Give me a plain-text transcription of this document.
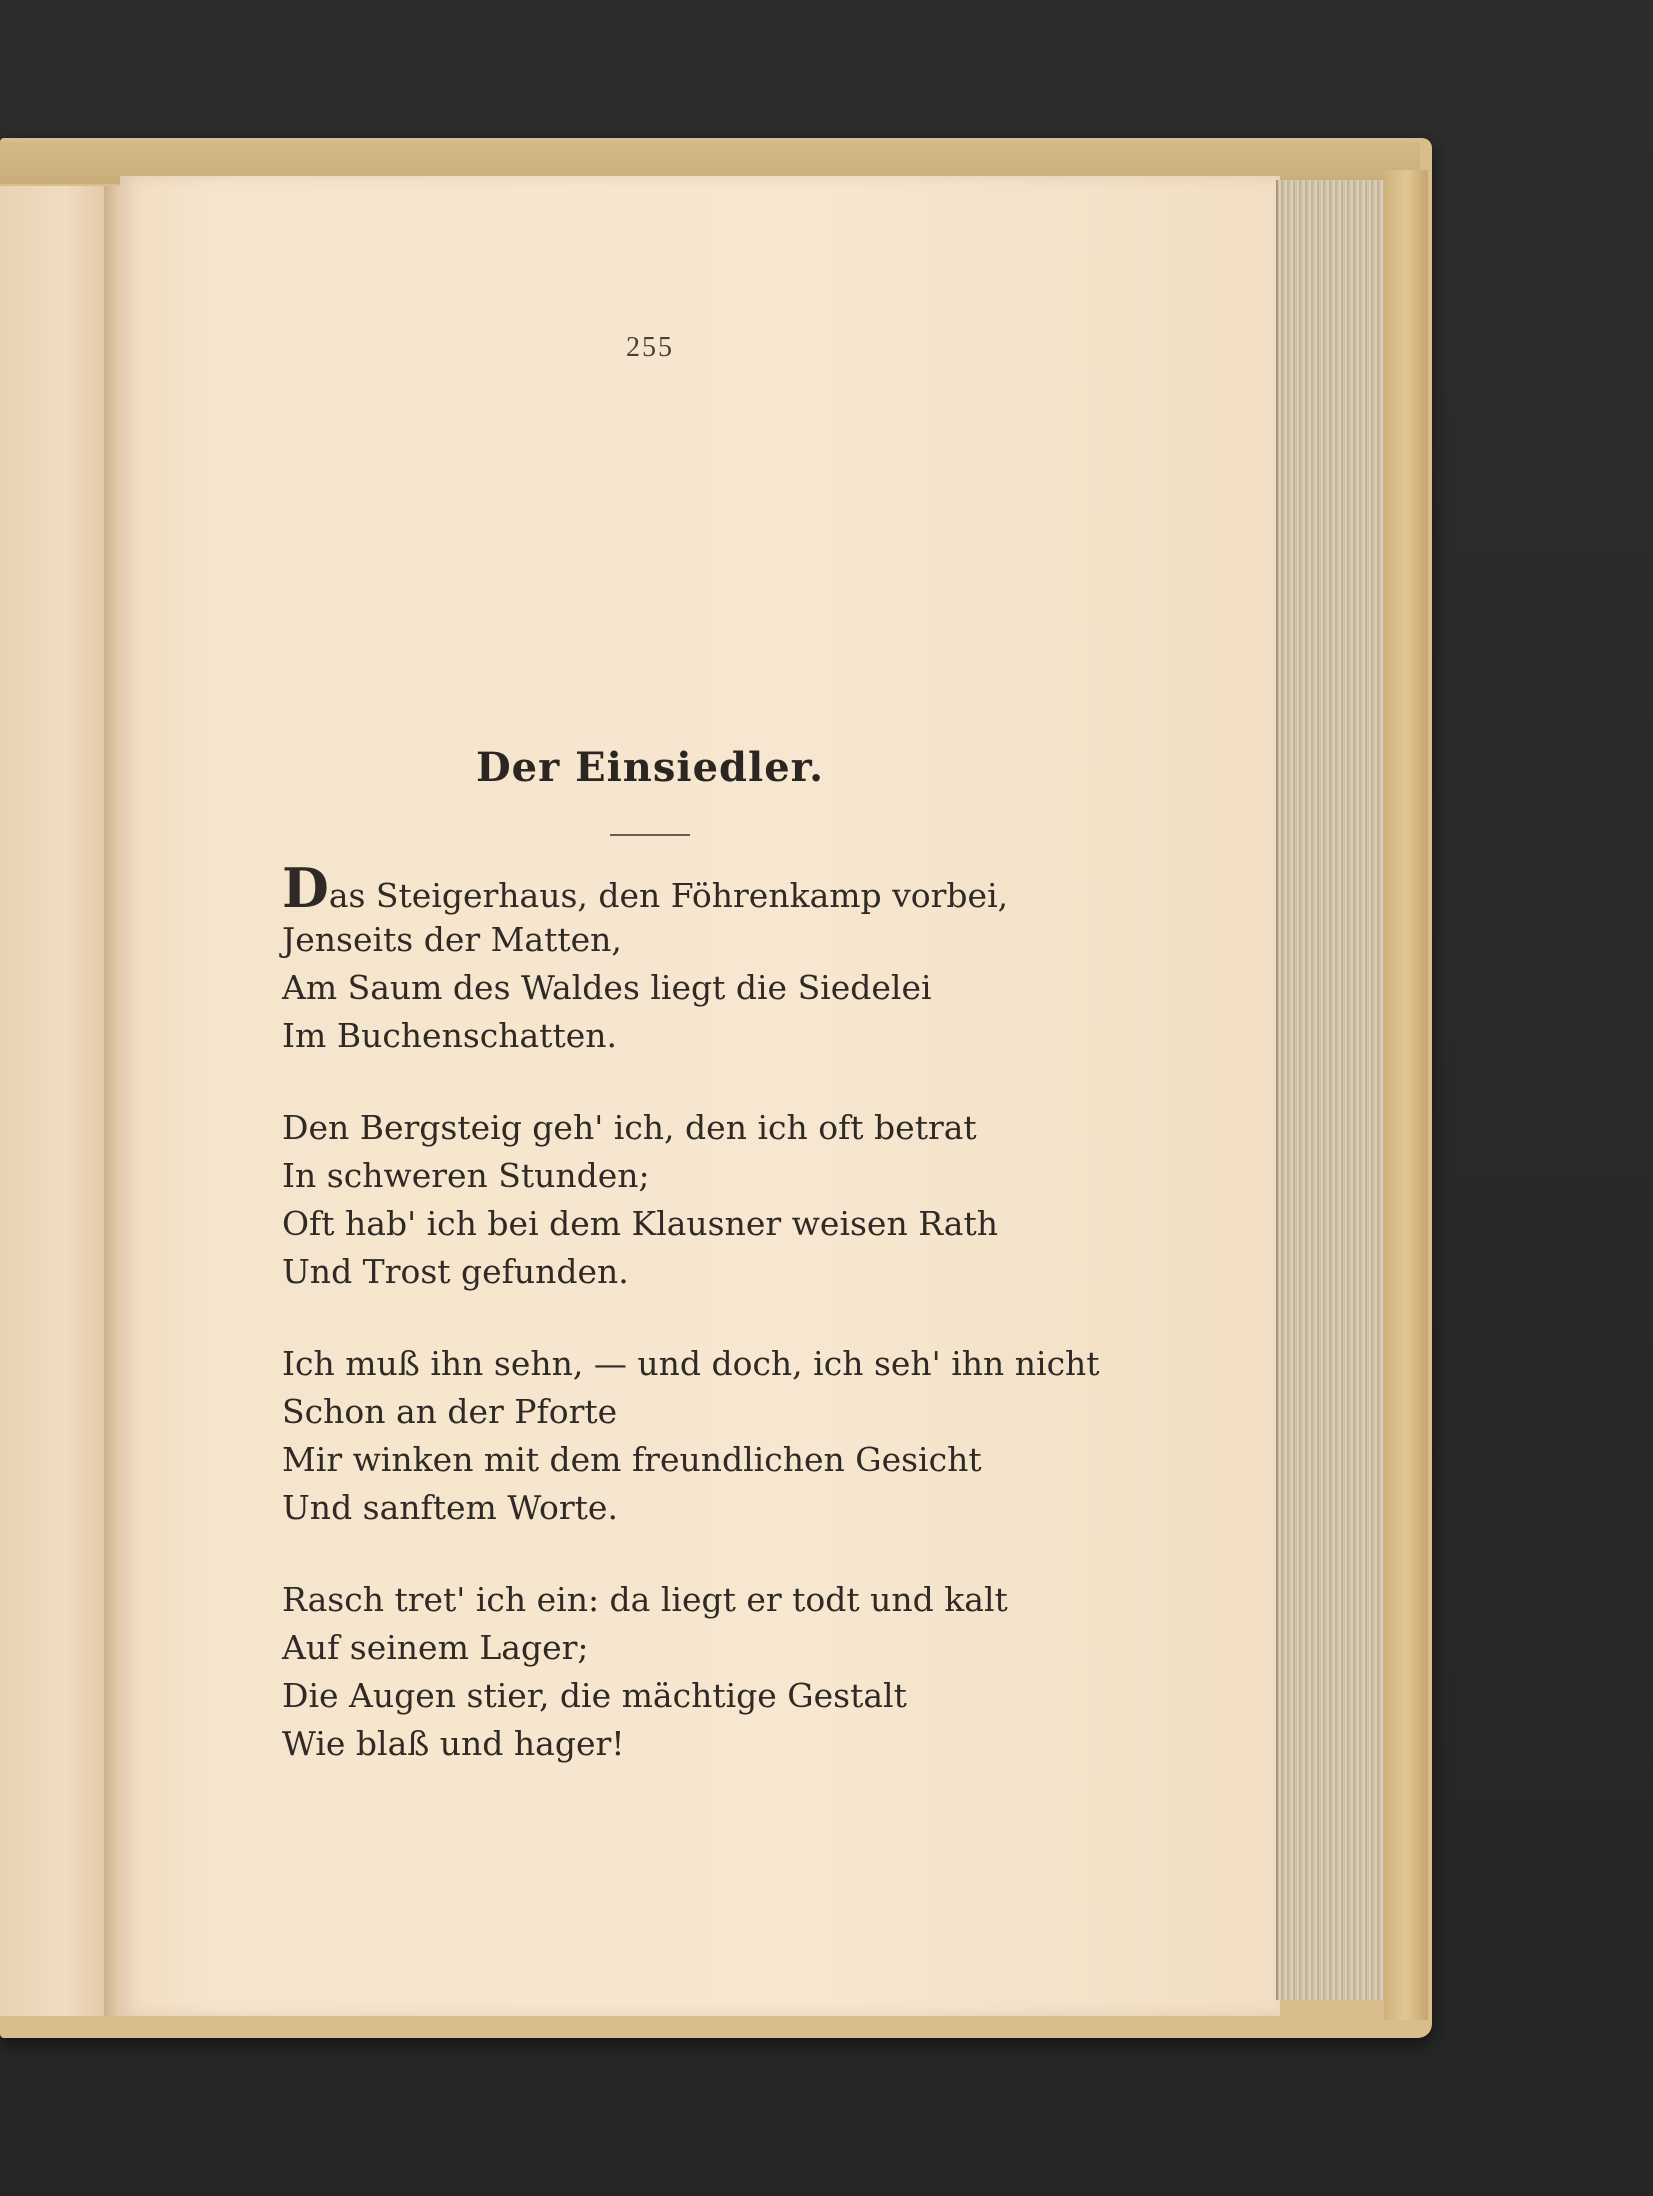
255
Der Einsiedler.
Das Steigerhaus, den Föhrenkamp vorbei,
Jenseits der Matten,
Am Saum des Waldes liegt die Siedelei
Im Buchenschatten.
Den Bergsteig geh' ich, den ich oft betrat
In schweren Stunden;
Oft hab' ich bei dem Klausner weisen Rath
Und Trost gefunden.
Ich muß ihn sehn, — und doch, ich seh' ihn nicht
Schon an der Pforte
Mir winken mit dem freundlichen Gesicht
Und sanftem Worte.
Rasch tret' ich ein: da liegt er todt und kalt
Auf seinem Lager;
Die Augen stier, die mächtige Gestalt
Wie blaß und hager!
